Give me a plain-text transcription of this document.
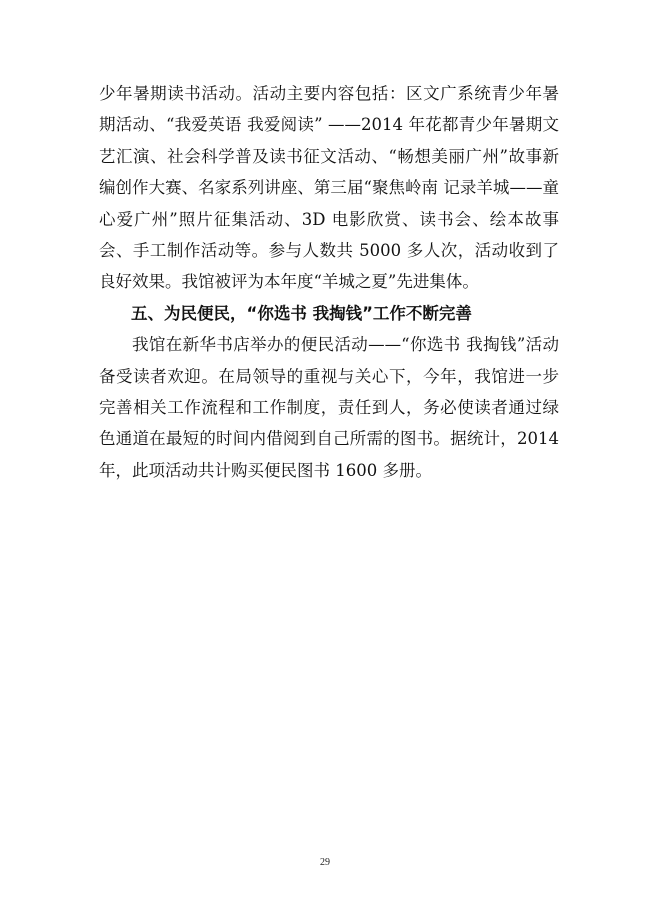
少年暑期读书活动。活动主要内容包括：区文广系统青少年暑期活动、“我爱英语 我爱阅读” ——2014 年花都青少年暑期文艺汇演、社会科学普及读书征文活动、“畅想美丽广州”故事新编创作大赛、名家系列讲座、第三届“聚焦岭南 记录羊城——童心爱广州”照片征集活动、3D 电影欣赏、读书会、绘本故事会、手工制作活动等。参与人数共 5000 多人次，活动收到了良好效果。我馆被评为本年度“羊城之夏”先进集体。

五、为民便民，“你选书 我掏钱”工作不断完善

我馆在新华书店举办的便民活动——“你选书 我掏钱”活动备受读者欢迎。在局领导的重视与关心下，今年，我馆进一步完善相关工作流程和工作制度，责任到人，务必使读者通过绿色通道在最短的时间内借阅到自己所需的图书。据统计，2014 年，此项活动共计购买便民图书 1600 多册。

29
